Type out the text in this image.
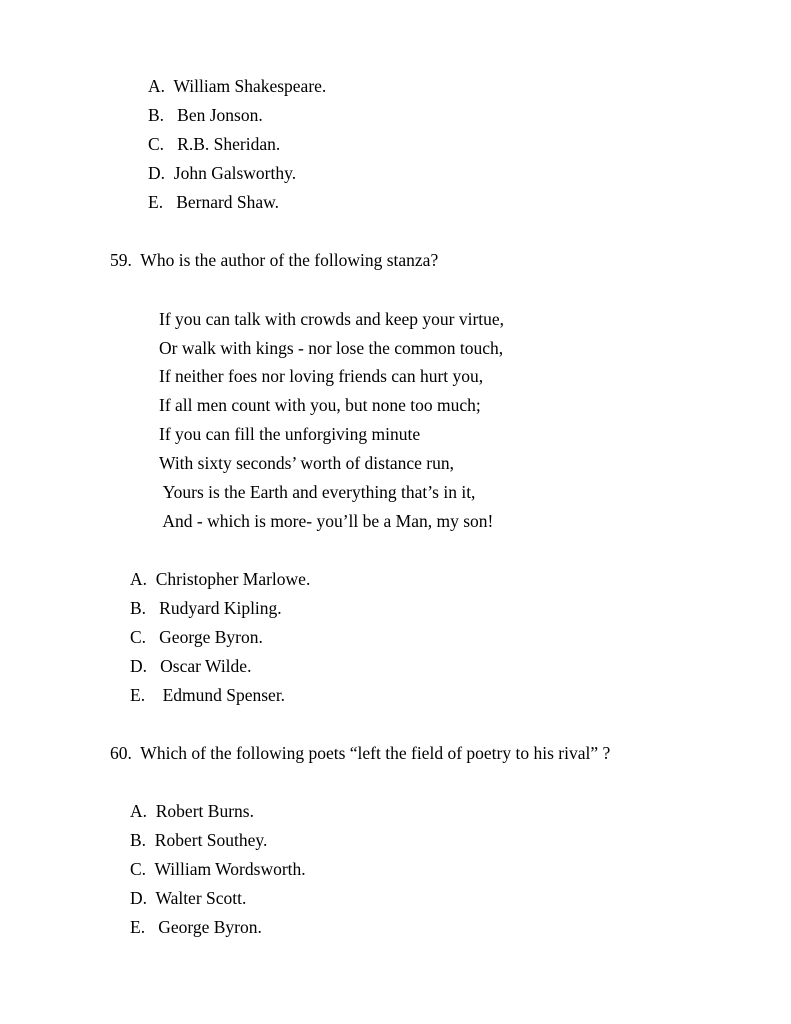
A.  William Shakespeare.
B.   Ben Jonson.
C.   R.B. Sheridan.
D.  John Galsworthy.
E.   Bernard Shaw.
59.  Who is the author of the following stanza?
If you can talk with crowds and keep your virtue,
Or walk with kings - nor lose the common touch,
If neither foes nor loving friends can hurt you,
If all men count with you, but none too much;
If you can fill the unforgiving minute
With sixty seconds’ worth of distance run,
Yours is the Earth and everything that’s in it,
And - which is more- you’ll be a Man, my son!
A.  Christopher Marlowe.
B.   Rudyard Kipling.
C.   George Byron.
D.   Oscar Wilde.
E.    Edmund Spenser.
60.  Which of the following poets “left the field of poetry to his rival” ?
A.  Robert Burns.
B.  Robert Southey.
C.  William Wordsworth.
D.  Walter Scott.
E.   George Byron.
